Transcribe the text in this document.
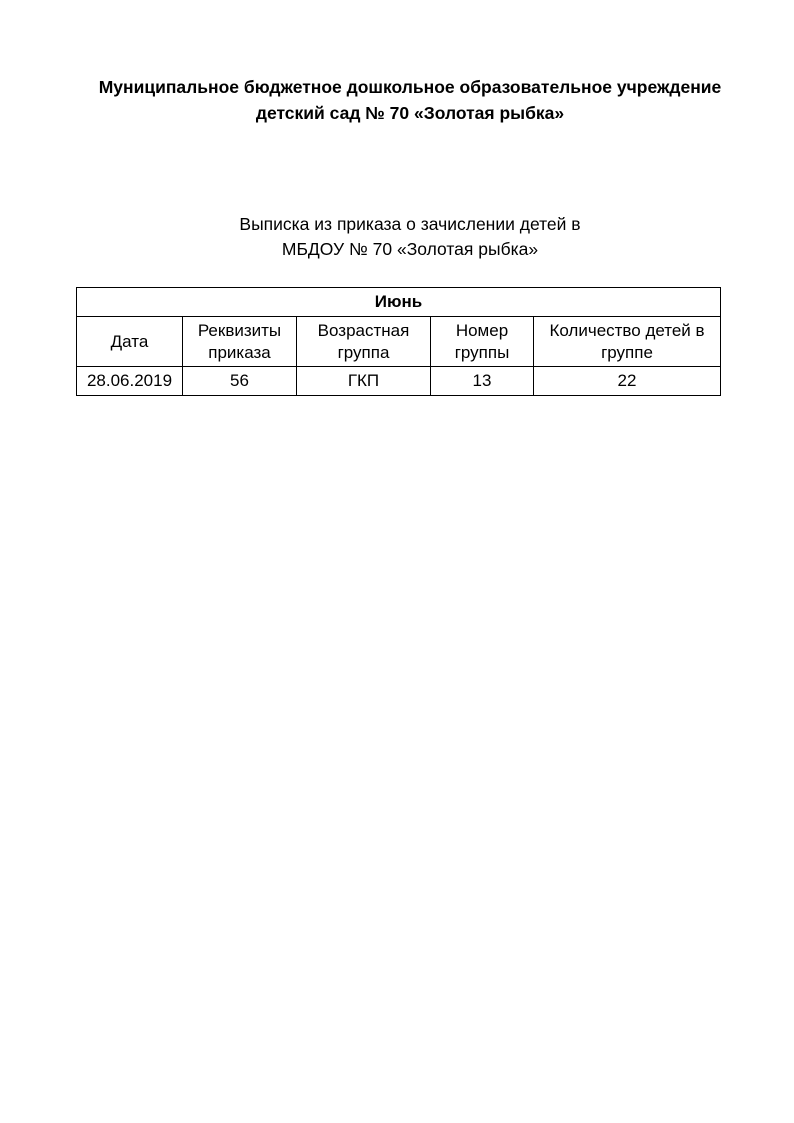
Муниципальное бюджетное дошкольное образовательное учреждение
детский сад № 70 «Золотая рыбка»
Выписка из приказа о зачислении детей в
МБДОУ № 70 «Золотая рыбка»
Июнь				
Дата	Реквизиты приказа	Возрастная группа	Номер группы	Количество детей в группе
28.06.2019	56	ГКП	13	22
